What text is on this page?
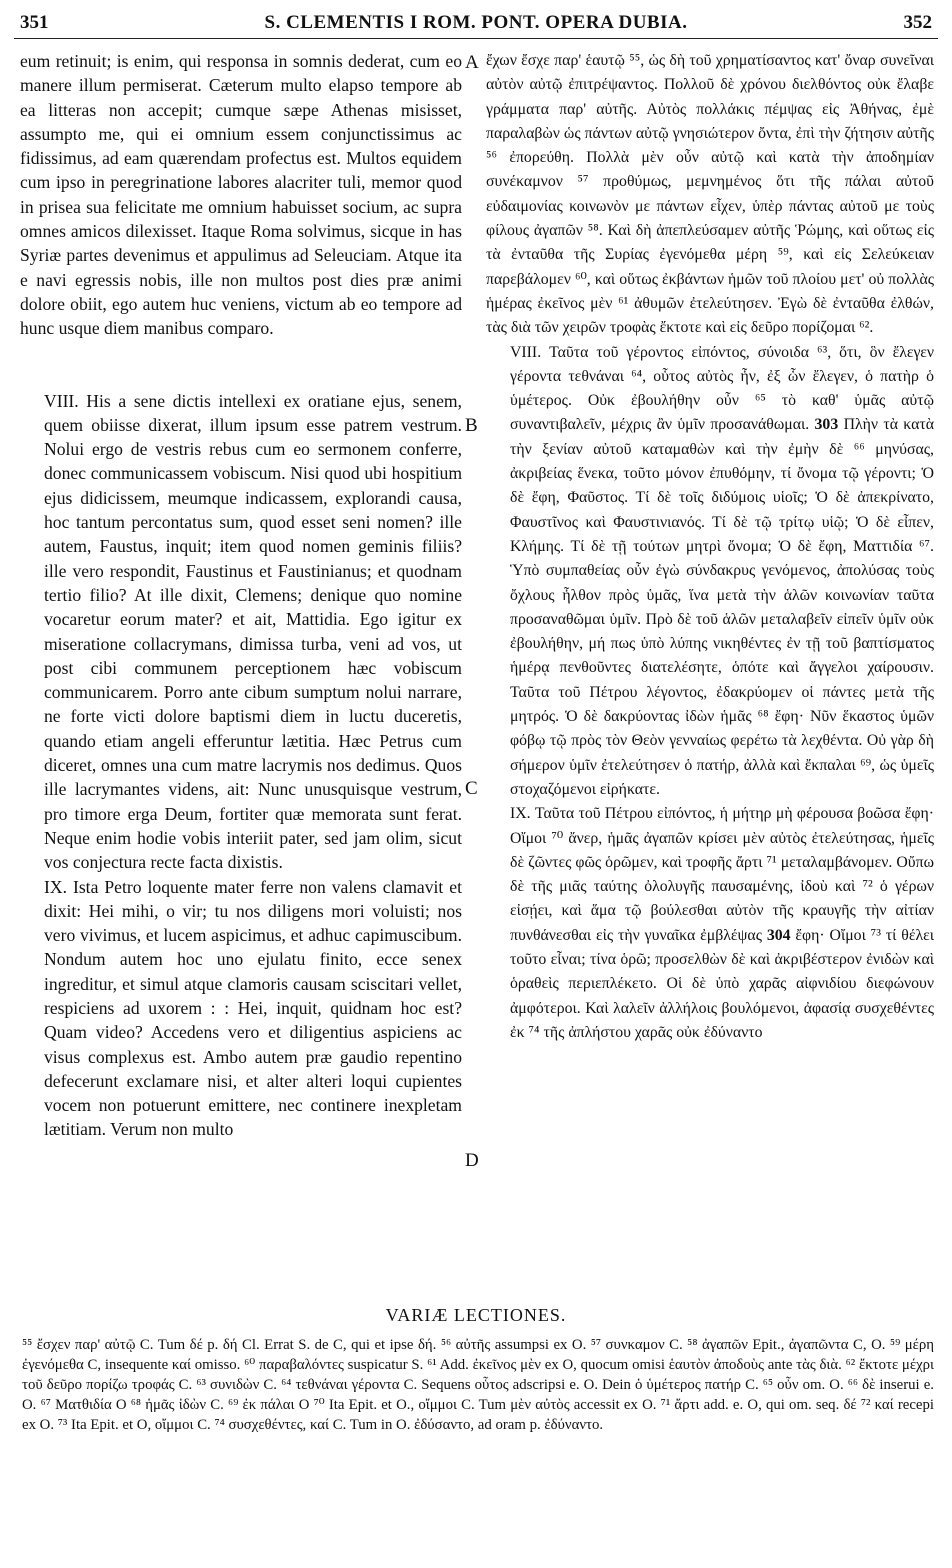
351	S. CLEMENTIS I ROM. PONT. OPERA DUBIA.	352

eum retinuit; is enim, qui responsa in somnis dederat, cum eo manere illum permiserat. Cæterum multo elapso tempore ab ea litteras non accepit; cumque sæpe Athenas misisset, assumpto me, qui ei omnium essem conjunctissimus ac fidissimus, ad eam quærendam profectus est. Multos equidem cum ipso in peregrinatione labores alacriter tuli, memor quod in prisea sua felicitate me omnium habuisset socium, ac supra omnes amicos dilexisset. Itaque Roma solvimus, sicque in has Syriæ partes devenimus et appulimus ad Seleuciam. Atque ita e navi egressis nobis, ille non multos post dies præ animi dolore obiit, ego autem huc veniens, victum ab eo tempore ad hunc usque diem manibus comparo.

VIII. His a sene dictis intellexi ex oratiane ejus, senem, quem obiisse dixerat, illum ipsum esse patrem vestrum. Nolui ergo de vestris rebus cum eo sermonem conferre, donec communicassem vobiscum. Nisi quod ubi hospitium ejus didicissem, meumque indicassem, explorandi causa, hoc tantum percontatus sum, quod esset seni nomen? ille autem, Faustus, inquit; item quod nomen geminis filiis? ille vero respondit, Faustinus et Faustinianus; et quodnam tertio filio? At ille dixit, Clemens; denique quo nomine vocaretur eorum mater? et ait, Mattidia. Ego igitur ex miseratione collacrymans, dimissa turba, veni ad vos, ut post cibi communem perceptionem hæc vobiscum communicarem. Porro ante cibum sumptum nolui narrare, ne forte victi dolore baptismi diem in luctu duceretis, quando etiam angeli efferuntur lætitia. Hæc Petrus cum diceret, omnes una cum matre lacrymis nos dedimus. Quos ille lacrymantes videns, ait: Nunc unusquisque vestrum, pro timore erga Deum, fortiter quæ memorata sunt ferat. Neque enim hodie vobis interiit pater, sed jam olim, sicut vos conjectura recte facta dixistis.

IX. Ista Petro loquente mater ferre non valens clamavit et dixit: Hei mihi, o vir; tu nos diligens mori voluisti; nos vero vivimus, et lucem aspicimus, et adhuc capimuscibum. Nondum autem hoc uno ejulatu finito, ecce senex ingreditur, et simul atque clamoris causam sciscitari vellet, respiciens ad uxorem : : Hei, inquit, quidnam hoc est? Quam video? Accedens vero et diligentius aspiciens ac visus complexus est. Ambo autem præ gaudio repentino defecerunt exclamare nisi, et alter alteri loqui cupientes vocem non potuerunt emittere, nec continere inexpletam lætitiam. Verum non multo

A
B
C
D

ἔχων ἔσχε παρ' ἑαυτῷ ⁵⁵, ὡς δὴ τοῦ χρηματίσαντος κατ' ὄναρ συνεῖναι αὐτὸν αὐτῷ ἐπιτρέψαντος. Πολλοῦ δὲ χρόνου διελθόντος οὐκ ἔλαβε γράμματα παρ' αὐτῆς. Αὐτὸς πολλάκις πέμψας εἰς Ἀθήνας, ἐμὲ παραλαβὼν ὡς πάντων αὐτῷ γνησιώτερον ὄντα, ἐπὶ τὴν ζήτησιν αὐτῆς ⁵⁶ ἐπορεύθη. Πολλὰ μὲν οὖν αὐτῷ καὶ κατὰ τὴν ἀποδημίαν συνέκαμνον ⁵⁷ προθύμως, μεμνημένος ὅτι τῆς πάλαι αὐτοῦ εὐδαιμονίας κοινωνὸν με πάντων εἶχεν, ὑπὲρ πάντας αὐτοῦ με τοὺς φίλους ἀγαπῶν ⁵⁸. Καὶ δὴ ἀπεπλεύσαμεν αὐτῆς Ῥώμης, καὶ οὕτως εἰς τὰ ἐνταῦθα τῆς Συρίας ἐγενόμεθα μέρη ⁵⁹, καὶ εἰς Σελεύκειαν παρεβάλομεν ⁶⁰, καὶ οὕτως ἐκβάντων ἡμῶν τοῦ πλοίου μετ' οὐ πολλὰς ἡμέρας ἐκεῖνος μὲν ⁶¹ ἀθυμῶν ἐτελεύτησεν. Ἐγὼ δὲ ἐνταῦθα ἐλθών, τὰς διὰ τῶν χειρῶν τροφὰς ἔκτοτε καὶ εἰς δεῦρο πορίζομαι ⁶².

VIII. Ταῦτα τοῦ γέροντος εἰπόντος, σύνοιδα ⁶³, ὅτι, ὃν ἔλεγεν γέροντα τεθνάναι ⁶⁴, οὗτος αὐτὸς ἦν, ἐξ ὧν ἔλεγεν, ὁ πατὴρ ὁ ὑμέτερος. Οὐκ ἐβουλήθην οὖν ⁶⁵ τὸ καθ' ὑμᾶς αὐτῷ συναντιβαλεῖν, μέχρις ἂν ὑμῖν προσανάθωμαι. 303 Πλὴν τὰ κατὰ τὴν ξενίαν αὐτοῦ καταμαθὼν καὶ τὴν ἐμὴν δὲ ⁶⁶ μηνύσας, ἀκριβείας ἕνεκα, τοῦτο μόνον ἐπυθόμην, τί ὄνομα τῷ γέροντι; Ὁ δὲ ἔφη, Φαῦστος. Τί δὲ τοῖς διδύμοις υἱοῖς; Ὁ δὲ ἀπεκρίνατο, Φαυστῖνος καὶ Φαυστινιανός. Τί δὲ τῷ τρίτῳ υἱῷ; Ὁ δὲ εἶπεν, Κλήμης. Τί δὲ τῇ τούτων μητρὶ ὄνομα; Ὁ δὲ ἔφη, Ματτιδία ⁶⁷. Ὑπὸ συμπαθείας οὖν ἐγὼ σύνδακρυς γενόμενος, ἀπολύσας τοὺς ὄχλους ἦλθον πρὸς ὑμᾶς, ἵνα μετὰ τὴν ἁλῶν κοινωνίαν ταῦτα προσαναθῶμαι ὑμῖν. Πρὸ δὲ τοῦ ἁλῶν μεταλαβεῖν εἰπεῖν ὑμῖν οὐκ ἐβουλήθην, μή πως ὑπὸ λύπης νικηθέντες ἐν τῇ τοῦ βαπτίσματος ἡμέρᾳ πενθοῦντες διατελέσητε, ὁπότε καὶ ἄγγελοι χαίρουσιν. Ταῦτα τοῦ Πέτρου λέγοντος, ἐδακρύομεν οἱ πάντες μετὰ τῆς μητρός. Ὁ δὲ δακρύοντας ἰδὼν ἡμᾶς ⁶⁸ ἔφη· Νῦν ἕκαστος ὑμῶν φόβῳ τῷ πρὸς τὸν Θεὸν γενναίως φερέτω τὰ λεχθέντα. Οὐ γὰρ δὴ σήμερον ὑμῖν ἐτελεύτησεν ὁ πατήρ, ἀλλὰ καὶ ἔκπαλαι ⁶⁹, ὡς ὑμεῖς στοχαζόμενοι εἰρήκατε.

IX. Ταῦτα τοῦ Πέτρου εἰπόντος, ἡ μήτηρ μὴ φέρουσα βοῶσα ἔφη· Οἴμοι ⁷⁰ ἄνερ, ἡμᾶς ἀγαπῶν κρίσει μὲν αὐτὸς ἐτελεύτησας, ἡμεῖς δὲ ζῶντες φῶς ὁρῶμεν, καὶ τροφῆς ἄρτι ⁷¹ μεταλαμβάνομεν. Οὔπω δὲ τῆς μιᾶς ταύτης ὀλολυγῆς παυσαμένης, ἰδοὺ καὶ ⁷² ὁ γέρων εἰσῄει, καὶ ἅμα τῷ βούλεσθαι αὐτὸν τῆς κραυγῆς τὴν αἰτίαν πυνθάνεσθαι εἰς τὴν γυναῖκα ἐμβλέψας 304 ἔφη· Οἴμοι ⁷³ τί θέλει τοῦτο εἶναι; τίνα ὁρῶ; προσελθὼν δὲ καὶ ἀκριβέστερον ἐνιδὼν καὶ ὁραθεὶς περιεπλέκετο. Οἱ δὲ ὑπὸ χαρᾶς αἰφνιδίου διεφώνουν ἀμφότεροι. Καὶ λαλεῖν ἀλλήλοις βουλόμενοι, ἀφασίᾳ συσχεθέντες ἐκ ⁷⁴ τῆς ἀπλήστου χαρᾶς οὐκ ἐδύναντο

VARIÆ LECTIONES.
⁵⁵ ἔσχεν παρ' αὐτῷ C. Tum δέ p. δή Cl. Errat S. de C, qui et ipse δή. ⁵⁶ αὐτῆς assumpsi ex O. ⁵⁷ συνκαμον C. ⁵⁸ ἀγαπῶν Epit., ἀγαπῶντα C, O. ⁵⁹ μέρη ἐγενόμεθα C, insequente καί omisso. ⁶⁰ παραβαλόντες suspicatur S. ⁶¹ Add. ἐκεῖνος μὲν ex O, quocum omisi ἑαυτὸν ἀποδοὺς ante τὰς διὰ. ⁶² ἔκτοτε μέχρι τοῦ δεῦρο πορίζω τροφάς C. ⁶³ συνιδὼν C. ⁶⁴ τεθνάναι γέροντα C. Sequens οὗτος adscripsi e. O. Dein ὁ ὑμέτερος πατήρ C. ⁶⁵ οὖν om. O. ⁶⁶ δὲ inserui e. O. ⁶⁷ Ματθιδία O ⁶⁸ ἡμᾶς ἰδὼν C. ⁶⁹ ἐκ πάλαι O ⁷⁰ Ita Epit. et O., οἴμμοι C. Tum μὲν αὐτὸς accessit ex O. ⁷¹ ἄρτι add. e. O, qui om. seq. δέ ⁷² καί recepi ex O. ⁷³ Ita Epit. et O, οἴμμοι C. ⁷⁴ συσχεθέντες, καί C. Tum in O. ἐδύσαντο, ad oram p. ἐδύναντο.
